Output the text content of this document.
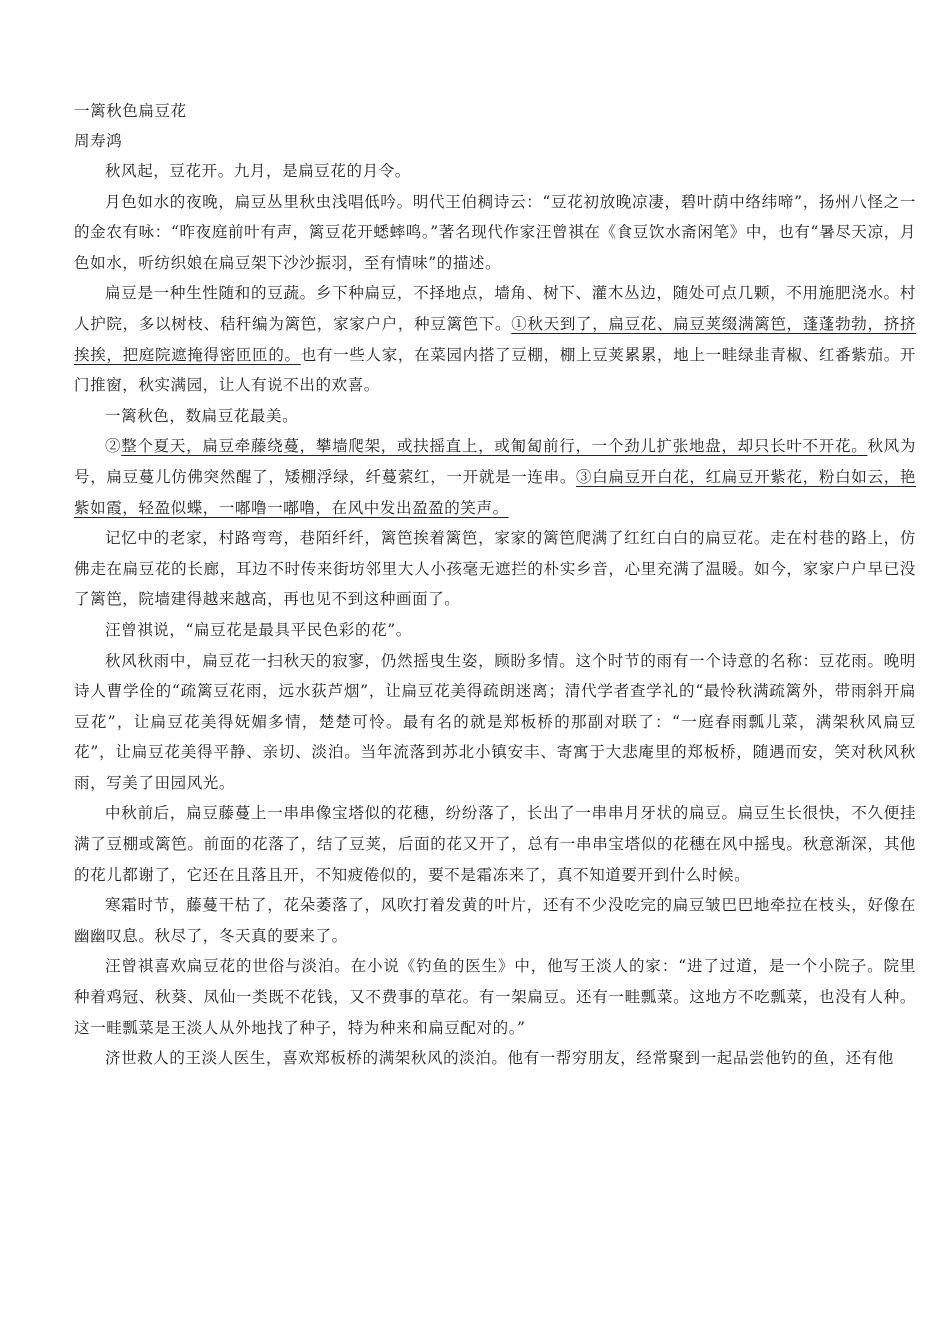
一篱秋色扁豆花

周寿鸿

秋风起，豆花开。九月，是扁豆花的月令。

月色如水的夜晚，扁豆丛里秋虫浅唱低吟。明代王伯稠诗云：“豆花初放晚凉凄，碧叶荫中络纬啼”，扬州八怪之一的金农有咏：“昨夜庭前叶有声，篱豆花开蟋蟀鸣。”著名现代作家汪曾祺在《食豆饮水斋闲笔》中，也有“暑尽天凉，月色如水，听纺织娘在扁豆架下沙沙振羽，至有情味”的描述。

扁豆是一种生性随和的豆蔬。乡下种扁豆，不择地点，墙角、树下、灌木丛边，随处可点几颗，不用施肥浇水。村人护院，多以树枝、秸秆编为篱笆，家家户户，种豆篱笆下。①秋天到了，扁豆花、扁豆荚缀满篱笆，蓬蓬勃勃，挤挤挨挨，把庭院遮掩得密匝匝的。也有一些人家，在菜园内搭了豆棚，棚上豆荚累累，地上一畦绿韭青椒、红番紫茄。开门推窗，秋实满园，让人有说不出的欢喜。

一篱秋色，数扁豆花最美。

②整个夏天，扁豆牵藤绕蔓，攀墙爬架，或扶摇直上，或匍匐前行，一个劲儿扩张地盘，却只长叶不开花。秋风为号，扁豆蔓儿仿佛突然醒了，矮棚浮绿，纤蔓萦红，一开就是一连串。③白扁豆开白花，红扁豆开紫花，粉白如云，艳紫如霞，轻盈似蝶，一嘟噜一嘟噜，在风中发出盈盈的笑声。

记忆中的老家，村路弯弯，巷陌纤纤，篱笆挨着篱笆，家家的篱笆爬满了红红白白的扁豆花。走在村巷的路上，仿佛走在扁豆花的长廊，耳边不时传来街坊邻里大人小孩毫无遮拦的朴实乡音，心里充满了温暖。如今，家家户户早已没了篱笆，院墙建得越来越高，再也见不到这种画面了。

汪曾祺说，“扁豆花是最具平民色彩的花”。

秋风秋雨中，扁豆花一扫秋天的寂寥，仍然摇曳生姿，顾盼多情。这个时节的雨有一个诗意的名称：豆花雨。晚明诗人曹学佺的“疏篱豆花雨，远水荻芦烟”，让扁豆花美得疏朗迷离；清代学者查学礼的“最怜秋满疏篱外，带雨斜开扁豆花”，让扁豆花美得妩媚多情，楚楚可怜。最有名的就是郑板桥的那副对联了：“一庭春雨瓢儿菜，满架秋风扁豆花”，让扁豆花美得平静、亲切、淡泊。当年流落到苏北小镇安丰、寄寓于大悲庵里的郑板桥，随遇而安，笑对秋风秋雨，写美了田园风光。

中秋前后，扁豆藤蔓上一串串像宝塔似的花穗，纷纷落了，长出了一串串月牙状的扁豆。扁豆生长很快，不久便挂满了豆棚或篱笆。前面的花落了，结了豆荚，后面的花又开了，总有一串串宝塔似的花穗在风中摇曳。秋意渐深，其他的花儿都谢了，它还在且落且开，不知疲倦似的，要不是霜冻来了，真不知道要开到什么时候。

寒霜时节，藤蔓干枯了，花朵萎落了，风吹打着发黄的叶片，还有不少没吃完的扁豆皱巴巴地牵拉在枝头，好像在幽幽叹息。秋尽了，冬天真的要来了。

汪曾祺喜欢扁豆花的世俗与淡泊。在小说《钓鱼的医生》中，他写王淡人的家：“进了过道，是一个小院子。院里种着鸡冠、秋葵、凤仙一类既不花钱，又不费事的草花。有一架扁豆。还有一畦瓢菜。这地方不吃瓢菜，也没有人种。这一畦瓢菜是王淡人从外地找了种子，特为种来和扁豆配对的。”

济世救人的王淡人医生，喜欢郑板桥的满架秋风的淡泊。他有一帮穷朋友，经常聚到一起品尝他钓的鱼，还有他
